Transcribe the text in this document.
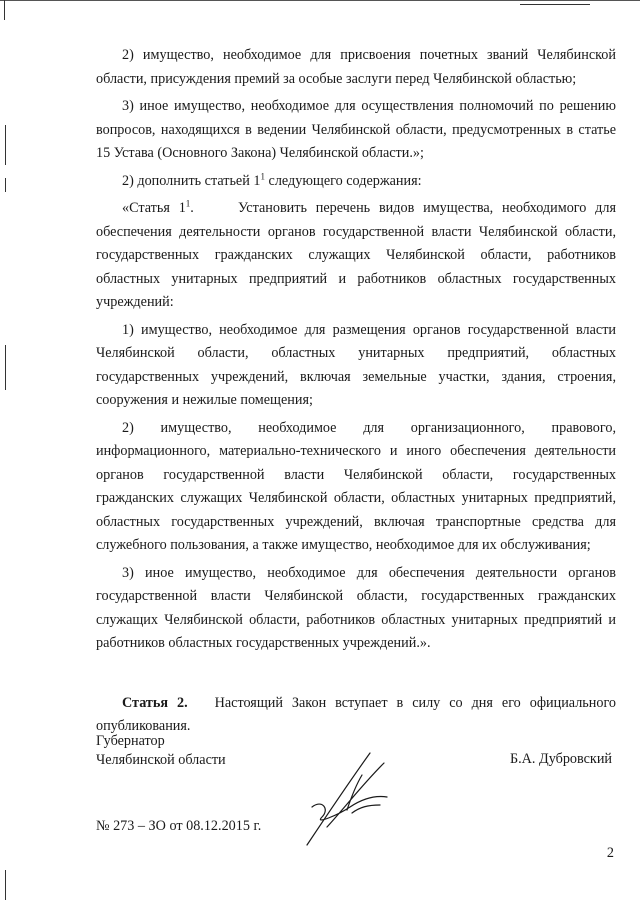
2) имущество, необходимое для присвоения почетных званий Челябинской области, присуждения премий за особые заслуги перед Челябинской областью;

3) иное имущество, необходимое для осуществления полномочий по решению вопросов, находящихся в ведении Челябинской области, предусмотренных в статье 15 Устава (Основного Закона) Челябинской области.»;

2) дополнить статьей $1^1$ следующего содержания:

«Статья $1^1$.     Установить перечень видов имущества, необходимого для обеспечения деятельности органов государственной власти Челябинской области, государственных гражданских служащих Челябинской области, работников областных унитарных предприятий и работников областных государственных учреждений:

1) имущество, необходимое для размещения органов государственной власти Челябинской области, областных унитарных предприятий, областных государственных учреждений, включая земельные участки, здания, строения, сооружения и нежилые помещения;

2) имущество, необходимое для организационного, правового, информационного, материально-технического и иного обеспечения деятельности органов государственной власти Челябинской области, государственных гражданских служащих Челябинской области, областных унитарных предприятий, областных государственных учреждений, включая транспортные средства для служебного пользования, а также имущество, необходимое для их обслуживания;

3) иное имущество, необходимое для обеспечения деятельности органов государственной власти Челябинской области, государственных гражданских служащих Челябинской области, работников областных унитарных предприятий и работников областных государственных учреждений.».

Статья 2.   Настоящий Закон вступает в силу со дня его официального опубликования.

Губернатор
Челябинской области	Б.А. Дубровский
№ 273 – ЗО от 08.12.2015 г.
2
